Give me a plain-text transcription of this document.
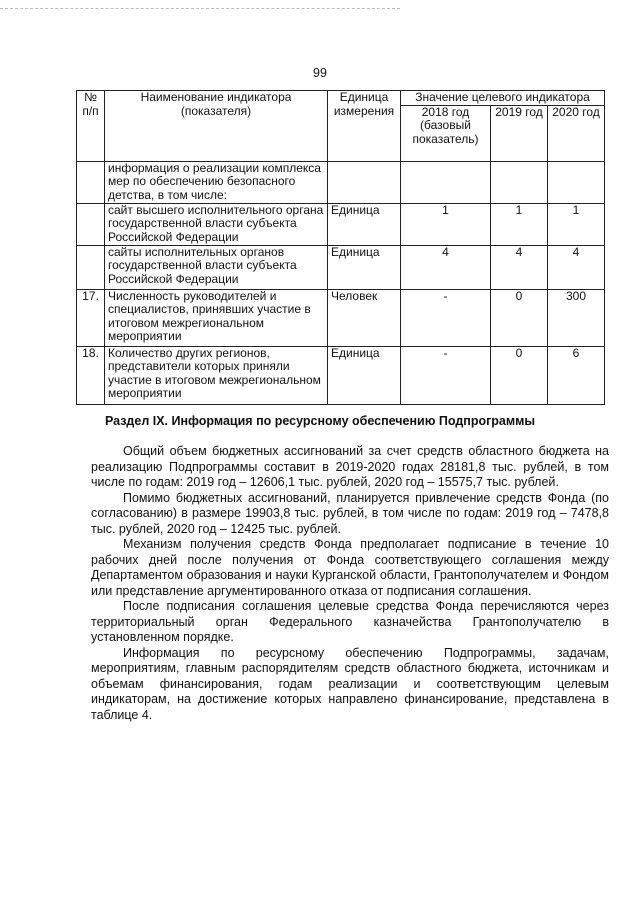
99
№ п/п	Наименование индикатора (показателя)	Единица измерения	Значение целевого индикатора		
			2018 год (базовый показатель)	2019 год	2020 год
	информация о реализации комплекса мер по обеспечению безопасного детства, в том числе:				
	сайт высшего исполнительного органа государственной власти субъекта Российской Федерации	Единица	1	1	1
	сайты исполнительных органов государственной власти субъекта Российской Федерации	Единица	4	4	4
17.	Численность руководителей и специалистов, принявших участие в итоговом межрегиональном мероприятии	Человек	-	0	300
18.	Количество других регионов, представители которых приняли участие в итоговом межрегиональном мероприятии	Единица	-	0	6
Раздел IX. Информация по ресурсному обеспечению Подпрограммы

Общий объем бюджетных ассигнований за счет средств областного бюджета на реализацию Подпрограммы составит в 2019-2020 годах 28181,8 тыс. рублей, в том числе по годам: 2019 год – 12606,1 тыс. рублей, 2020 год – 15575,7 тыс. рублей.

Помимо бюджетных ассигнований, планируется привлечение средств Фонда (по согласованию) в размере 19903,8 тыс. рублей, в том числе по годам: 2019 год – 7478,8 тыс. рублей, 2020 год – 12425 тыс. рублей.

Механизм получения средств Фонда предполагает подписание в течение 10 рабочих дней после получения от Фонда соответствующего соглашения между Департаментом образования и науки Курганской области, Грантополучателем и Фондом или представление аргументированного отказа от подписания соглашения.

После подписания соглашения целевые средства Фонда перечисляются через территориальный орган Федерального казначейства Грантополучателю в установленном порядке.

Информация по ресурсному обеспечению Подпрограммы, задачам, мероприятиям, главным распорядителям средств областного бюджета, источникам и объемам финансирования, годам реализации и соответствующим целевым индикаторам, на достижение которых направлено финансирование, представлена в таблице 4.
